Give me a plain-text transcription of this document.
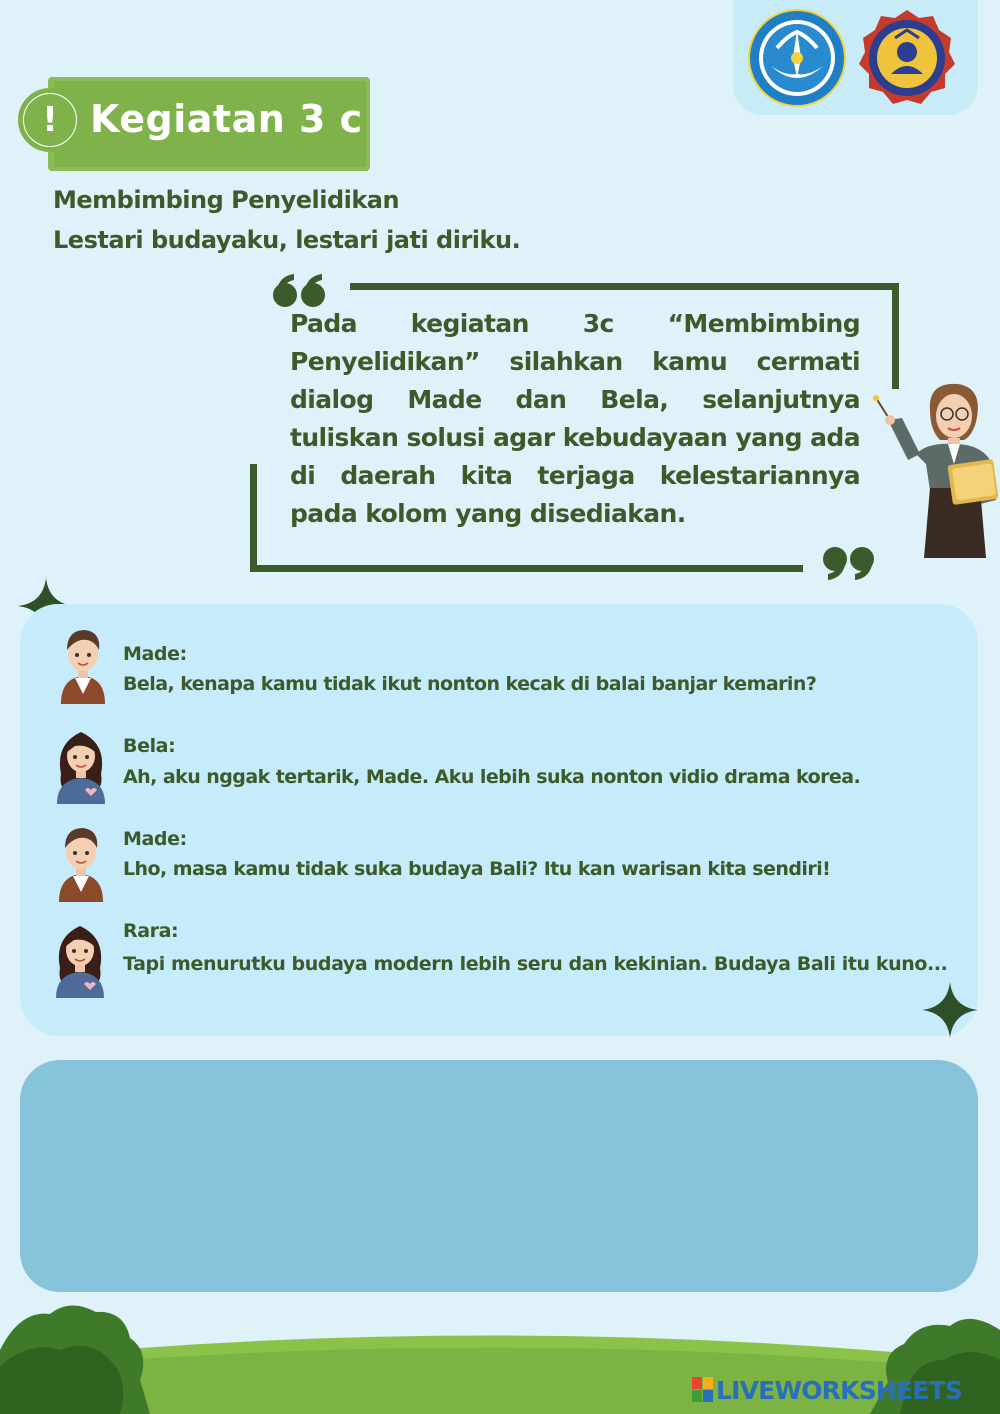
! Kegiatan 3 c
Membimbing Penyelidikan
Lestari budayaku, lestari jati diriku.
Pada kegiatan 3c “Membimbing Penyelidikan” silahkan kamu cermati dialog Made dan Bela, selanjutnya tuliskan solusi agar kebudayaan yang ada di daerah kita terjaga kelestariannya pada kolom yang disediakan.
Made:
Bela, kenapa kamu tidak ikut nonton kecak di balai banjar kemarin?
Bela:
Ah, aku nggak tertarik, Made. Aku lebih suka nonton vidio drama korea.
Made:
Lho, masa kamu tidak suka budaya Bali? Itu kan warisan kita sendiri!
Rara:
Tapi menurutku budaya modern lebih seru dan kekinian. Budaya Bali itu kuno...
LIVEWORKSHEETS
